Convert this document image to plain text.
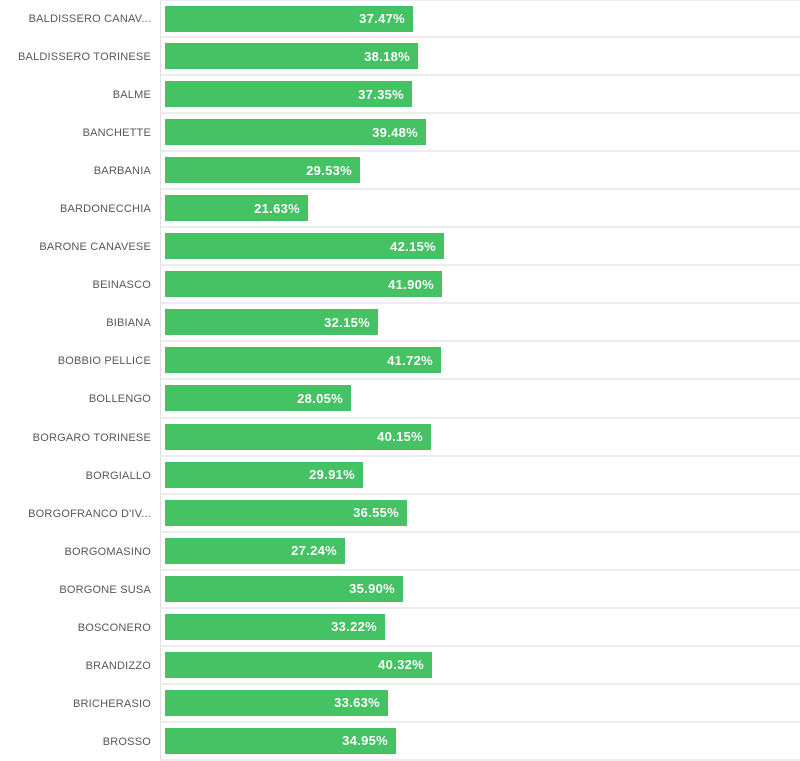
BALDISSERO CANAV...	37.47%
BALDISSERO TORINESE	38.18%
BALME	37.35%
BANCHETTE	39.48%
BARBANIA	29.53%
BARDONECCHIA	21.63%
BARONE CANAVESE	42.15%
BEINASCO	41.90%
BIBIANA	32.15%
BOBBIO PELLICE	41.72%
BOLLENGO	28.05%
BORGARO TORINESE	40.15%
BORGIALLO	29.91%
BORGOFRANCO D'IV...	36.55%
BORGOMASINO	27.24%
BORGONE SUSA	35.90%
BOSCONERO	33.22%
BRANDIZZO	40.32%
BRICHERASIO	33.63%
BROSSO	34.95%
